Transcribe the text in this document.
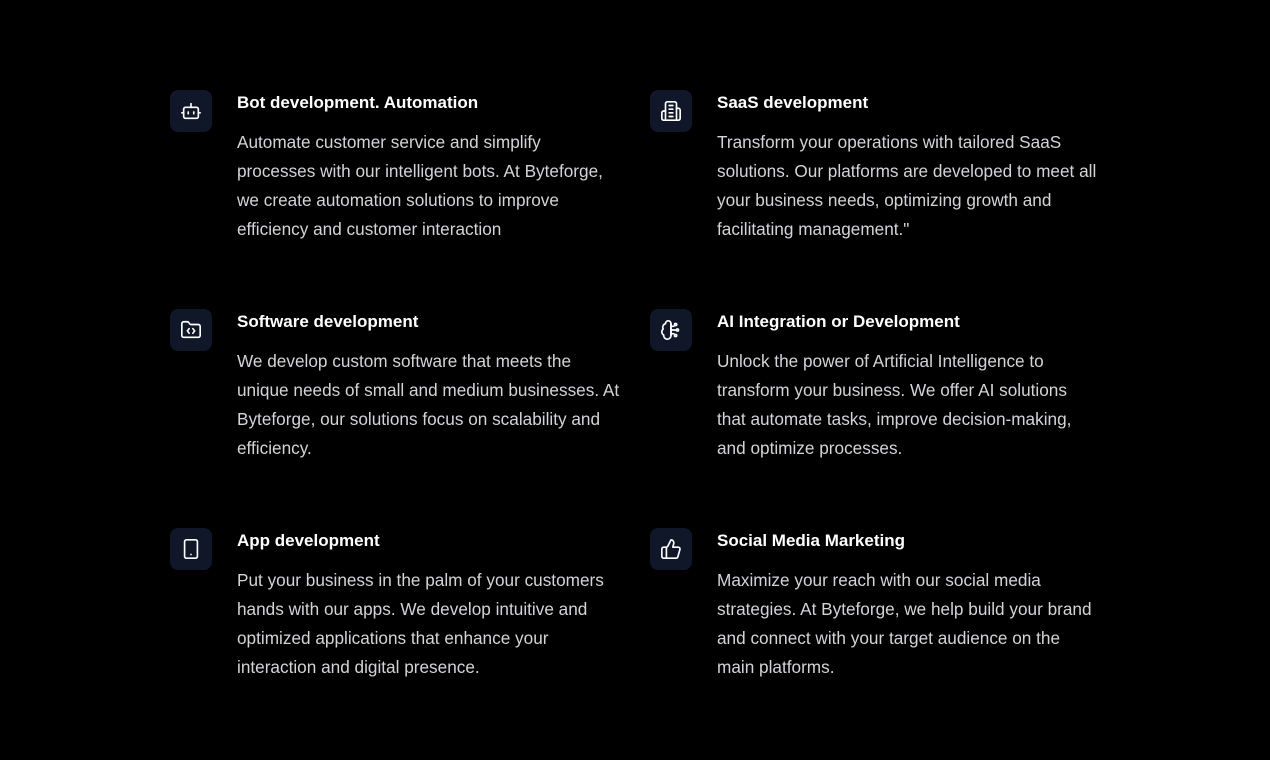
Bot development. Automation

Automate customer service and simplify processes with our intelligent bots. At Byteforge, we create automation solutions to improve efficiency and customer interaction

SaaS development

Transform your operations with tailored SaaS solutions. Our platforms are developed to meet all your business needs, optimizing growth and facilitating management."

Software development

We develop custom software that meets the unique needs of small and medium businesses. At Byteforge, our solutions focus on scalability and efficiency.

AI Integration or Development

Unlock the power of Artificial Intelligence to transform your business. We offer AI solutions that automate tasks, improve decision-making, and optimize processes.

App development

Put your business in the palm of your customers hands with our apps. We develop intuitive and optimized applications that enhance your interaction and digital presence.

Social Media Marketing

Maximize your reach with our social media strategies. At Byteforge, we help build your brand and connect with your target audience on the main platforms.
